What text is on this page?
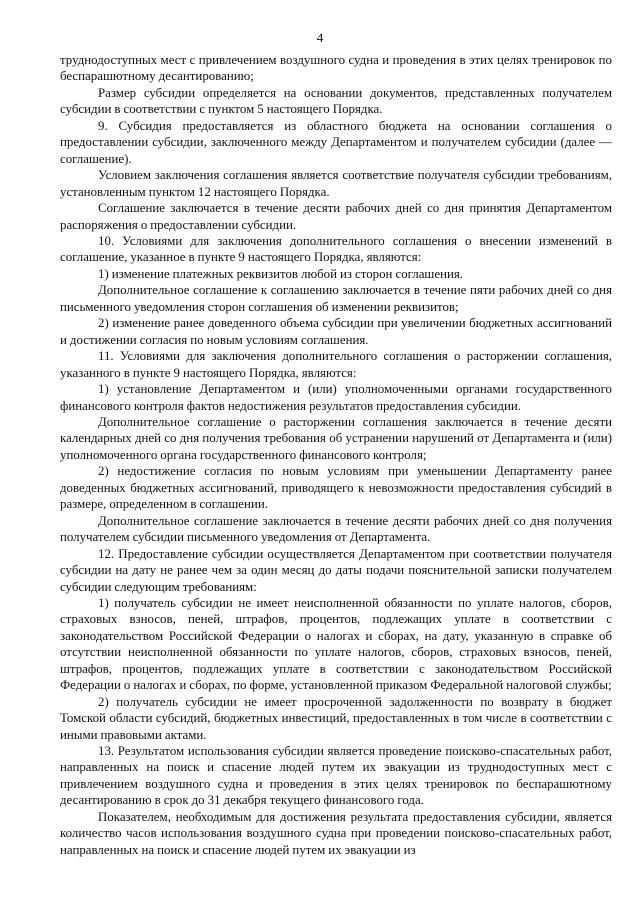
4

труднодоступных мест с привлечением воздушного судна и проведения в этих целях тренировок по беспарашютному десантированию;

Размер субсидии определяется на основании документов, представленных получателем субсидии в соответствии с пунктом 5 настоящего Порядка.

9. Субсидия предоставляется из областного бюджета на основании соглашения о предоставлении субсидии, заключенного между Департаментом и получателем субсидии (далее — соглашение).

Условием заключения соглашения является соответствие получателя субсидии требованиям, установленным пунктом 12 настоящего Порядка.

Соглашение заключается в течение десяти рабочих дней со дня принятия Департаментом распоряжения о предоставлении субсидии.

10. Условиями для заключения дополнительного соглашения о внесении изменений в соглашение, указанное в пункте 9 настоящего Порядка, являются:

1) изменение платежных реквизитов любой из сторон соглашения.

Дополнительное соглашение к соглашению заключается в течение пяти рабочих дней со дня письменного уведомления сторон соглашения об изменении реквизитов;

2) изменение ранее доведенного объема субсидии при увеличении бюджетных ассигнований и достижении согласия по новым условиям соглашения.

11. Условиями для заключения дополнительного соглашения о расторжении соглашения, указанного в пункте 9 настоящего Порядка, являются:

1) установление Департаментом и (или) уполномоченными органами государственного финансового контроля фактов недостижения результатов предоставления субсидии.

Дополнительное соглашение о расторжении соглашения заключается в течение десяти календарных дней со дня получения требования об устранении нарушений от Департамента и (или) уполномоченного органа государственного финансового контроля;

2) недостижение согласия по новым условиям при уменьшении Департаменту ранее доведенных бюджетных ассигнований, приводящего к невозможности предоставления субсидий в размере, определенном в соглашении.

Дополнительное соглашение заключается в течение десяти рабочих дней со дня получения получателем субсидии письменного уведомления от Департамента.

12. Предоставление субсидии осуществляется Департаментом при соответствии получателя субсидии на дату не ранее чем за один месяц до даты подачи пояснительной записки получателем субсидии следующим требованиям:

1) получатель субсидии не имеет неисполненной обязанности по уплате налогов, сборов, страховых взносов, пеней, штрафов, процентов, подлежащих уплате в соответствии с законодательством Российской Федерации о налогах и сборах, на дату, указанную в справке об отсутствии неисполненной обязанности по уплате налогов, сборов, страховых взносов, пеней, штрафов, процентов, подлежащих уплате в соответствии с законодательством Российской Федерации о налогах и сборах, по форме, установленной приказом Федеральной налоговой службы;

2) получатель субсидии не имеет просроченной задолженности по возврату в бюджет Томской области субсидий, бюджетных инвестиций, предоставленных в том числе в соответствии с иными правовыми актами.

13. Результатом использования субсидии является проведение поисково-спасательных работ, направленных на поиск и спасение людей путем их эвакуации из труднодоступных мест с привлечением воздушного судна и проведения в этих целях тренировок по беспарашютному десантированию в срок до 31 декабря текущего финансового года.

Показателем, необходимым для достижения результата предоставления субсидии, является количество часов использования воздушного судна при проведении поисково-спасательных работ, направленных на поиск и спасение людей путем их эвакуации из
